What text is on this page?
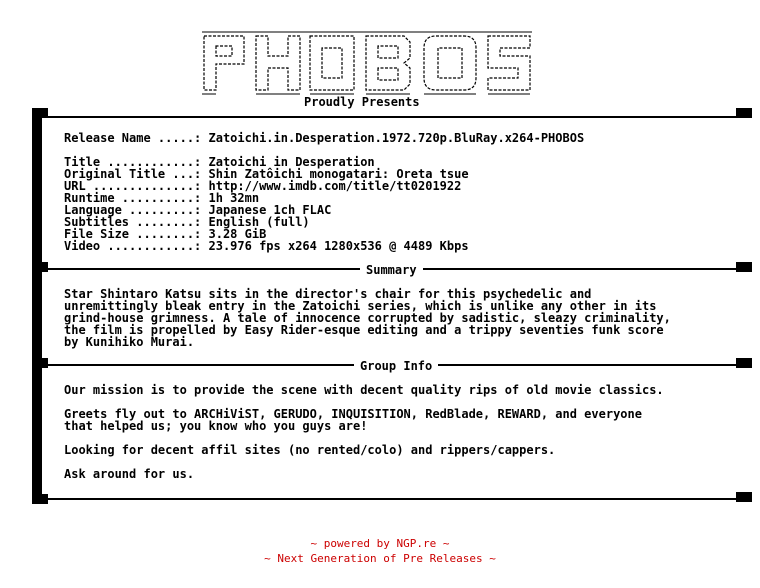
Proudly Presents
Release Name .....: Zatoichi.in.Desperation.1972.720p.BluRay.x264-PHOBOS
Title ............: Zatoichi in Desperation
Original Title ...: Shin Zatôichi monogatari: Oreta tsue
URL ..............: http://www.imdb.com/title/tt0201922
Runtime ..........: 1h 32mn
Language .........: Japanese 1ch FLAC
Subtitles ........: English (full)
File Size ........: 3.28 GiB
Video ............: 23.976 fps x264 1280x536 @ 4489 Kbps
Summary
Star Shintaro Katsu sits in the director's chair for this psychedelic and
unremittingly bleak entry in the Zatoichi series, which is unlike any other in its
grind-house grimness. A tale of innocence corrupted by sadistic, sleazy criminality,
the film is propelled by Easy Rider-esque editing and a trippy seventies funk score
by Kunihiko Murai.
Group Info
Our mission is to provide the scene with decent quality rips of old movie classics.

Greets fly out to ARCHiViST, GERUDO, INQUISITION, RedBlade, REWARD, and everyone
that helped us; you know who you guys are!

Looking for decent affil sites (no rented/colo) and rippers/cappers.

Ask around for us.
~ powered by NGP.re ~
~ Next Generation of Pre Releases ~
